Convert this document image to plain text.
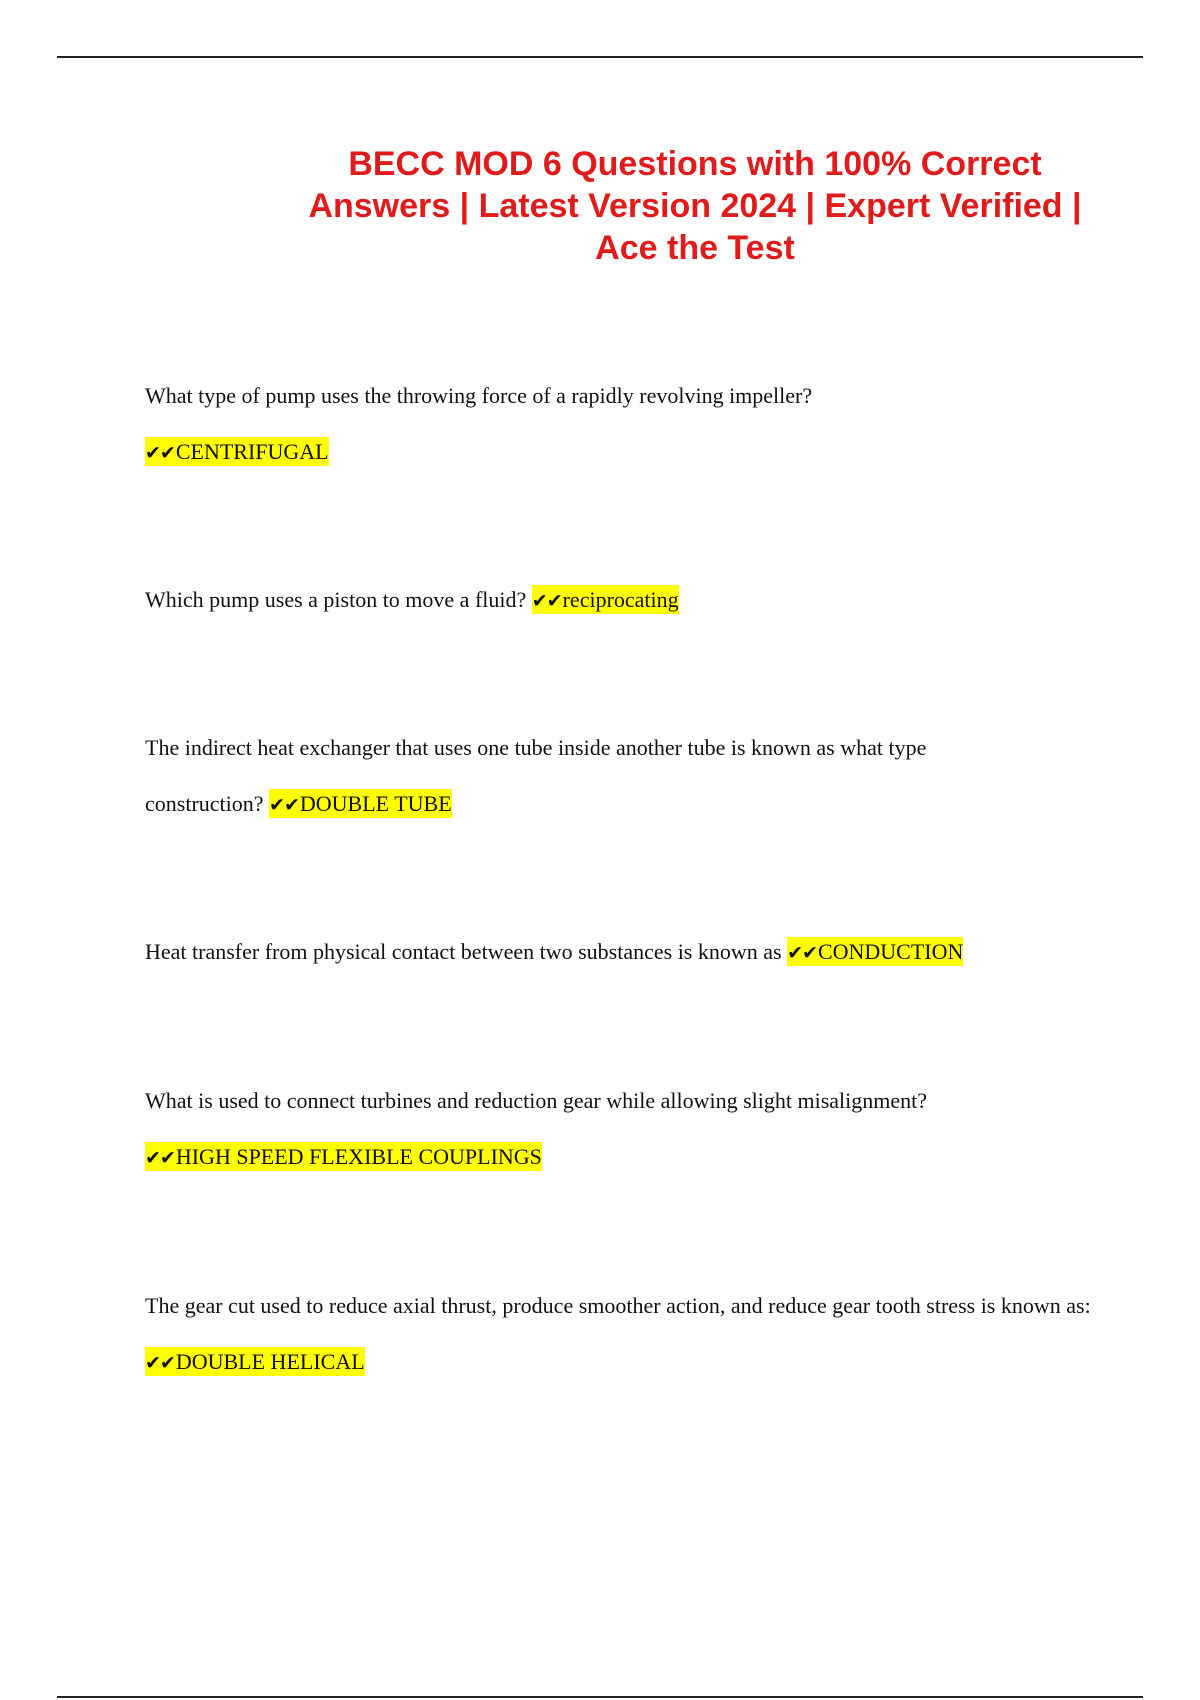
BECC MOD 6 Questions with 100% Correct Answers | Latest Version 2024 | Expert Verified | Ace the Test

What type of pump uses the throwing force of a rapidly revolving impeller?
✔✔CENTRIFUGAL

Which pump uses a piston to move a fluid? ✔✔reciprocating

The indirect heat exchanger that uses one tube inside another tube is known as what type construction? ✔✔DOUBLE TUBE

Heat transfer from physical contact between two substances is known as ✔✔CONDUCTION

What is used to connect turbines and reduction gear while allowing slight misalignment?
✔✔HIGH SPEED FLEXIBLE COUPLINGS

The gear cut used to reduce axial thrust, produce smoother action, and reduce gear tooth stress is known as: ✔✔DOUBLE HELICAL
